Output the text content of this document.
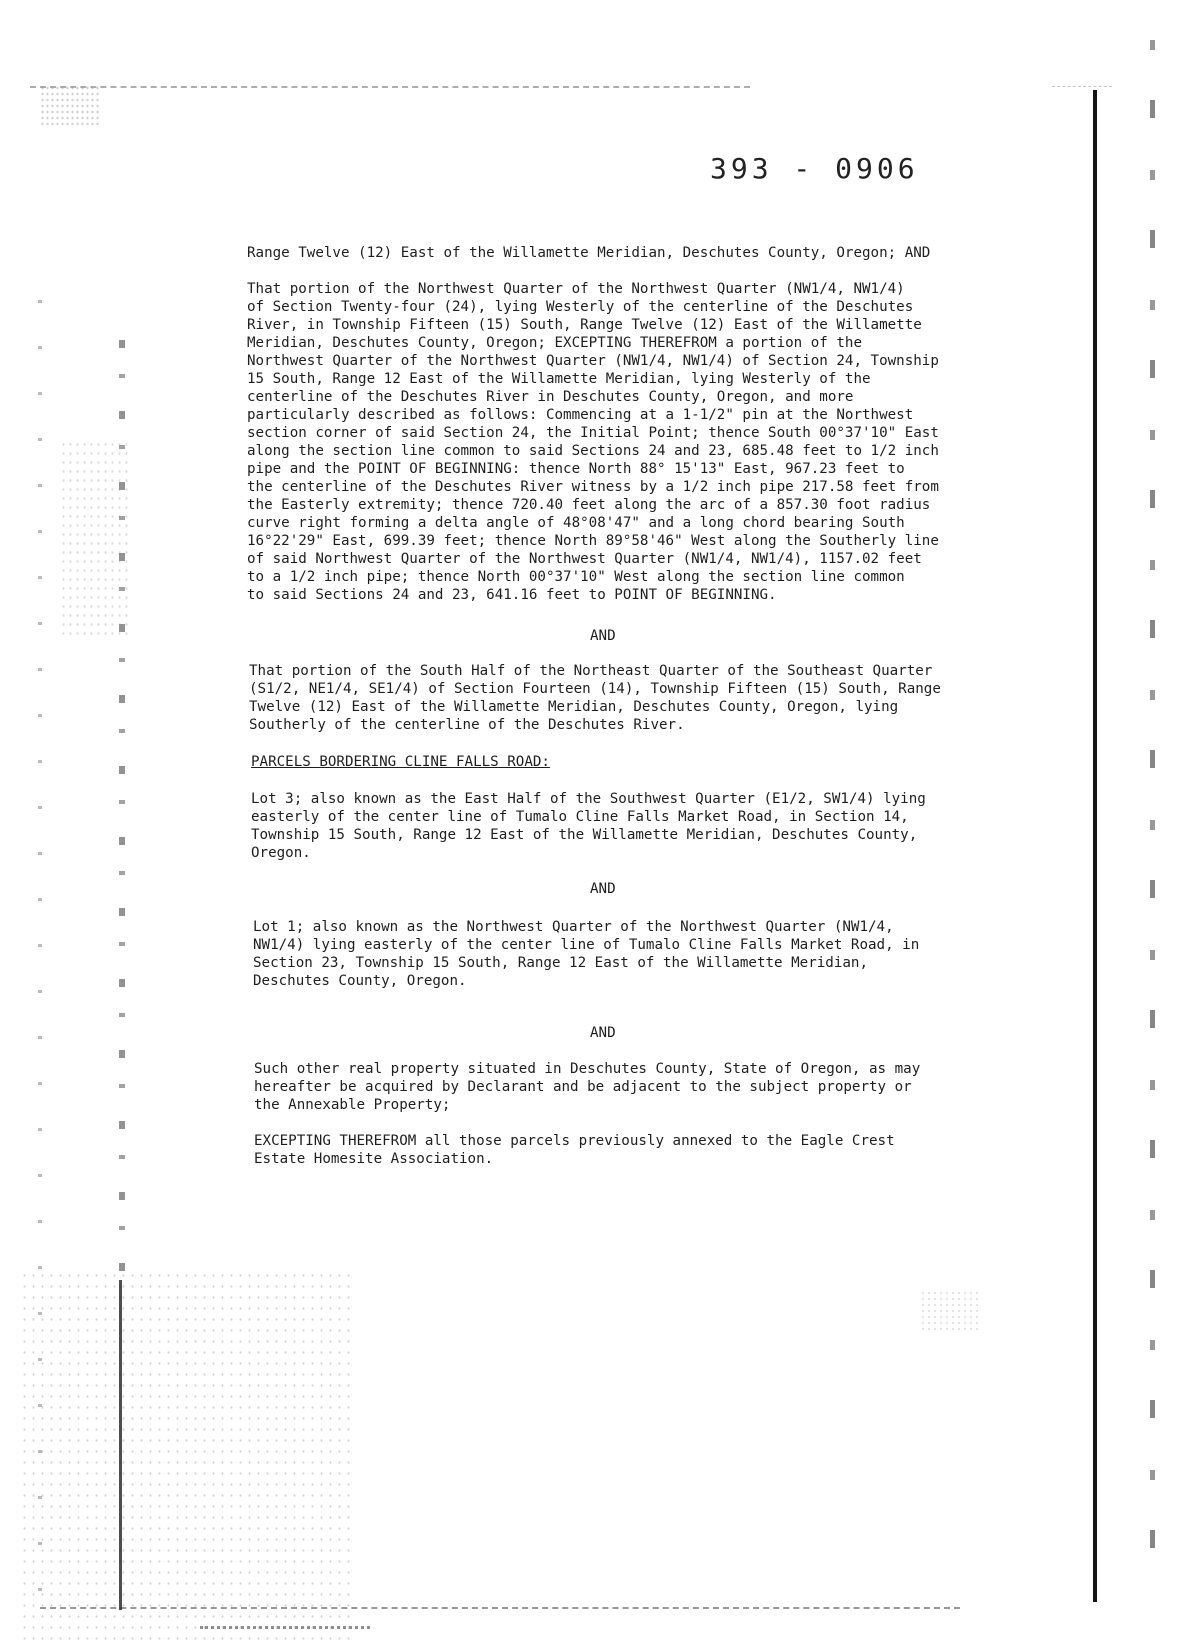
393 - 0906
Range Twelve (12) East of the Willamette Meridian, Deschutes County, Oregon; AND
That portion of the Northwest Quarter of the Northwest Quarter (NW1/4, NW1/4)
of Section Twenty-four (24), lying Westerly of the centerline of the Deschutes
River, in Township Fifteen (15) South, Range Twelve (12) East of the Willamette
Meridian, Deschutes County, Oregon; EXCEPTING THEREFROM a portion of the
Northwest Quarter of the Northwest Quarter (NW1/4, NW1/4) of Section 24, Township
15 South, Range 12 East of the Willamette Meridian, lying Westerly of the
centerline of the Deschutes River in Deschutes County, Oregon, and more
particularly described as follows: Commencing at a 1-1/2" pin at the Northwest
section corner of said Section 24, the Initial Point; thence South 00°37'10" East
along the section line common to said Sections 24 and 23, 685.48 feet to 1/2 inch
pipe and the POINT OF BEGINNING: thence North 88° 15'13" East, 967.23 feet to
the centerline of the Deschutes River witness by a 1/2 inch pipe 217.58 feet from
the Easterly extremity; thence 720.40 feet along the arc of a 857.30 foot radius
curve right forming a delta angle of 48°08'47" and a long chord bearing South
16°22'29" East, 699.39 feet; thence North 89°58'46" West along the Southerly line
of said Northwest Quarter of the Northwest Quarter (NW1/4, NW1/4), 1157.02 feet
to a 1/2 inch pipe; thence North 00°37'10" West along the section line common
to said Sections 24 and 23, 641.16 feet to POINT OF BEGINNING.
AND
That portion of the South Half of the Northeast Quarter of the Southeast Quarter
(S1/2, NE1/4, SE1/4) of Section Fourteen (14), Township Fifteen (15) South, Range
Twelve (12) East of the Willamette Meridian, Deschutes County, Oregon, lying
Southerly of the centerline of the Deschutes River.
PARCELS BORDERING CLINE FALLS ROAD:
Lot 3; also known as the East Half of the Southwest Quarter (E1/2, SW1/4) lying
easterly of the center line of Tumalo Cline Falls Market Road, in Section 14,
Township 15 South, Range 12 East of the Willamette Meridian, Deschutes County,
Oregon.
AND
Lot 1; also known as the Northwest Quarter of the Northwest Quarter (NW1/4,
NW1/4) lying easterly of the center line of Tumalo Cline Falls Market Road, in
Section 23, Township 15 South, Range 12 East of the Willamette Meridian,
Deschutes County, Oregon.
AND
Such other real property situated in Deschutes County, State of Oregon, as may
hereafter be acquired by Declarant and be adjacent to the subject property or
the Annexable Property;
EXCEPTING THEREFROM all those parcels previously annexed to the Eagle Crest
Estate Homesite Association.
